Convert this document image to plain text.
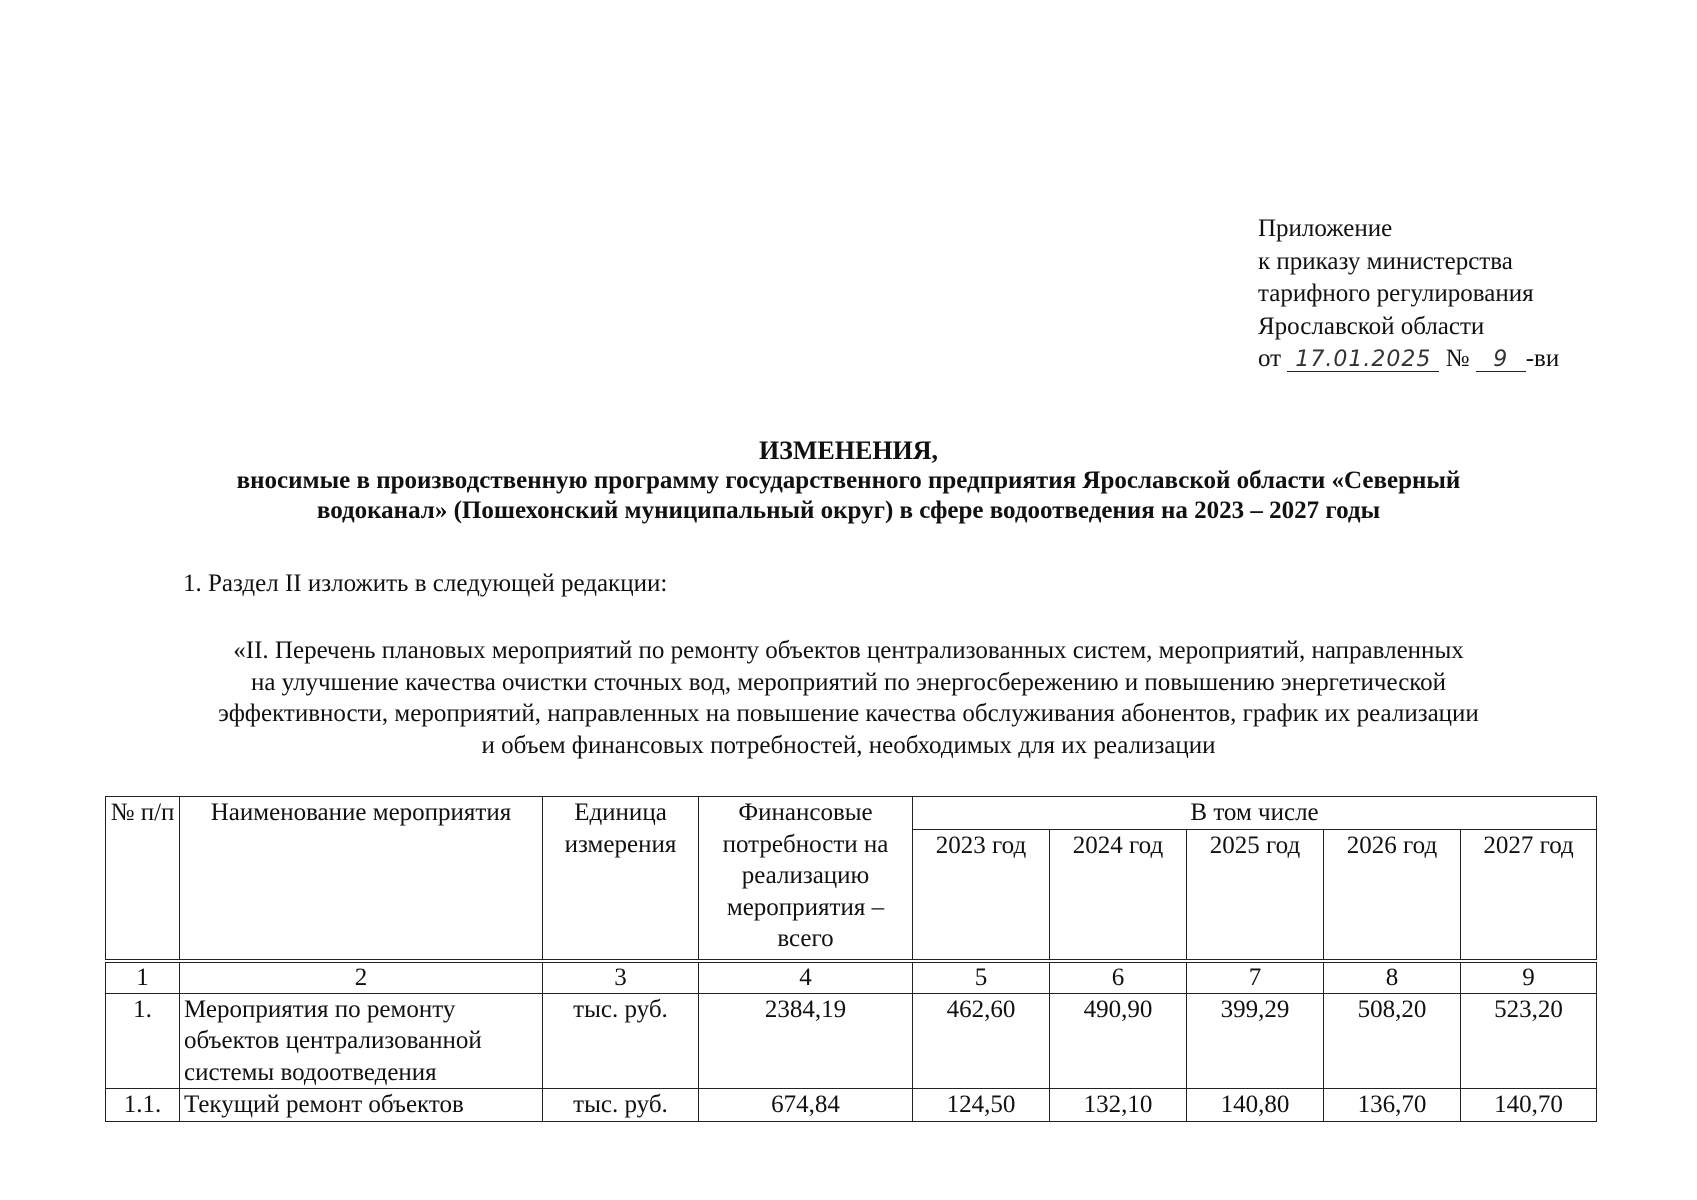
Приложение
к приказу министерства
тарифного регулирования
Ярославской области
от 17.01.2025 № 9 -ви
ИЗМЕНЕНИЯ,
вносимые в производственную программу государственного предприятия Ярославской области «Северный
водоканал» (Пошехонский муниципальный округ) в сфере водоотведения на 2023 – 2027 годы
1. Раздел II изложить в следующей редакции:
«II. Перечень плановых мероприятий по ремонту объектов централизованных систем, мероприятий, направленных
на улучшение качества очистки сточных вод, мероприятий по энергосбережению и повышению энергетической
эффективности, мероприятий, направленных на повышение качества обслуживания абонентов, график их реализации
и объем финансовых потребностей, необходимых для их реализации
№ п/п	Наименование мероприятия	Единица измерения	Финансовые потребности на реализацию мероприятия – всего	В том числе				
				2023 год	2024 год	2025 год	2026 год	2027 год
1	2	3	4	5	6	7	8	9
1.	Мероприятия по ремонту объектов централизованной системы водоотведения	тыс. руб.	2384,19	462,60	490,90	399,29	508,20	523,20
1.1.	Текущий ремонт объектов	тыс. руб.	674,84	124,50	132,10	140,80	136,70	140,70
